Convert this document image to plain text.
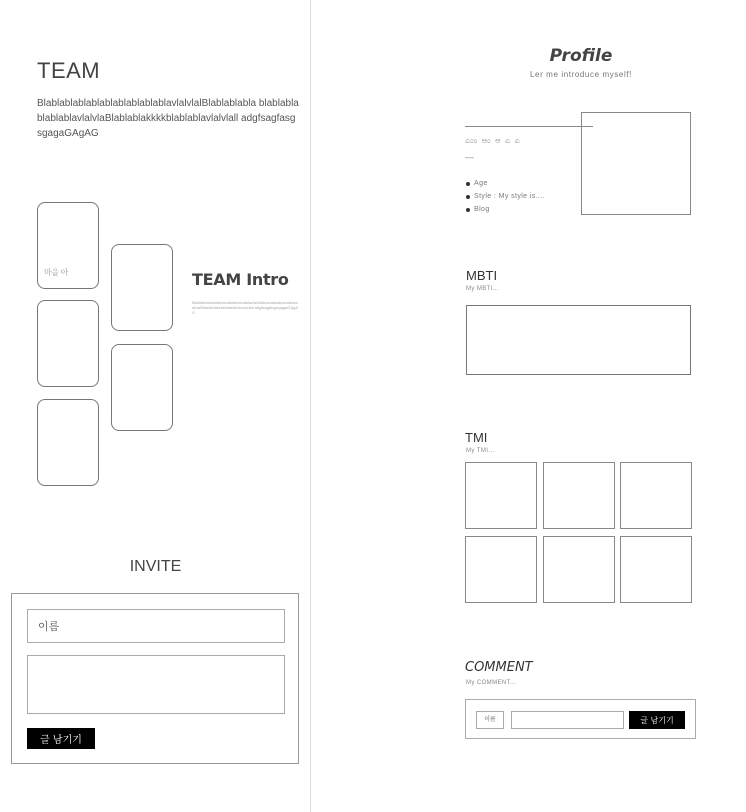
TEAM
BlablablablablablablablablablavlalvlalBlablablabla blablablablablablavlalvlaBlablablakkkkblablablavlalvlall adgfsagfasgsgagaGAgAG
마을 아	TEAM Intro
BlablablablablablablablablablablavlalvlalblablablablablablavlalvlaBlablablakkkkblablablavlalvlall adgfsagfasgsgagaGAgAG
INVITE
이름
글 남기기
Profile
Ler me introduce myself!
ಎಂಂ ಆಂ ಆ ಎ ಎ
—
Age
Style : My style is....
Blog
MBTI
My MBTI...
TMI
My TMI...
COMMENT
My COMMENT...
이름	글 남기기
